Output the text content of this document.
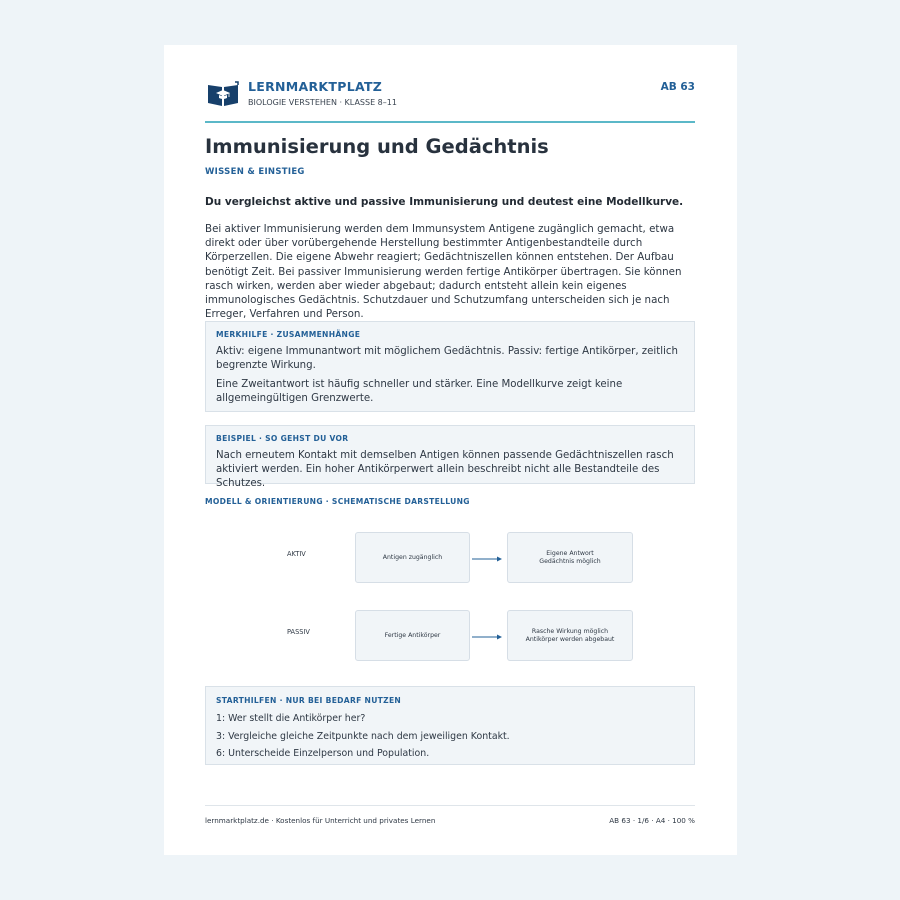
LERNMARKTPLATZ
BIOLOGIE VERSTEHEN · KLASSE 8–11
AB 63
Immunisierung und Gedächtnis
WISSEN & EINSTIEG
Du vergleichst aktive und passive Immunisierung und deutest eine Modellkurve.
Bei aktiver Immunisierung werden dem Immunsystem Antigene zugänglich gemacht, etwa direkt oder über vorübergehende Herstellung bestimmter Antigenbestandteile durch Körperzellen. Die eigene Abwehr reagiert; Gedächtniszellen können entstehen. Der Aufbau benötigt Zeit. Bei passiver Immunisierung werden fertige Antikörper übertragen. Sie können rasch wirken, werden aber wieder abgebaut; dadurch entsteht allein kein eigenes immunologisches Gedächtnis. Schutzdauer und Schutzumfang unterscheiden sich je nach Erreger, Verfahren und Person.
MERKHILFE · ZUSAMMENHÄNGE

Aktiv: eigene Immunantwort mit möglichem Gedächtnis. Passiv: fertige Antikörper, zeitlich begrenzte Wirkung.

Eine Zweitantwort ist häufig schneller und stärker. Eine Modellkurve zeigt keine allgemeingültigen Grenzwerte.

BEISPIEL · SO GEHST DU VOR

Nach erneutem Kontakt mit demselben Antigen können passende Gedächtniszellen rasch aktiviert werden. Ein hoher Antikörperwert allein beschreibt nicht alle Bestandteile des Schutzes.

MODELL & ORIENTIERUNG · SCHEMATISCHE DARSTELLUNG
AKTIV	Antigen zugänglich
Eigene Antwort
Gedächtnis möglich
PASSIV	Fertige Antikörper
Rasche Wirkung möglich
Antikörper werden abgebaut
STARTHILFEN · NUR BEI BEDARF NUTZEN

1: Wer stellt die Antikörper her?

3: Vergleiche gleiche Zeitpunkte nach dem jeweiligen Kontakt.

6: Unterscheide Einzelperson und Population.

lernmarktplatz.de · Kostenlos für Unterricht und privates Lernen	AB 63 · 1/6 · A4 · 100 %
